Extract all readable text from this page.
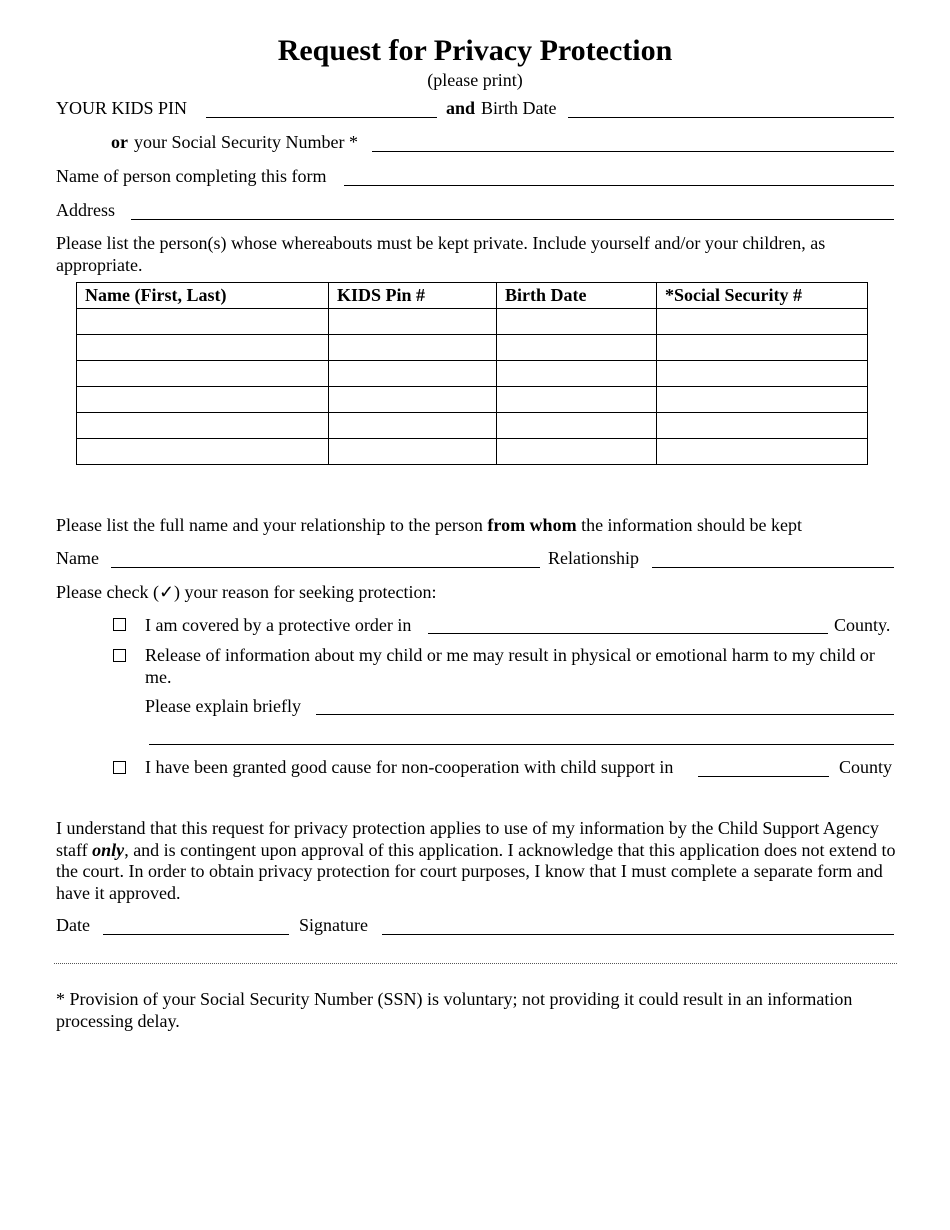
Request for Privacy Protection
(please print)
YOUR KIDS PIN	and Birth Date
or your Social Security Number *
Name of person completing this form
Address
Please list the person(s) whose whereabouts must be kept private. Include yourself and/or your children, as appropriate.
Name (First, Last)	KIDS Pin #	Birth Date	*Social Security #

Please list the full name and your relationship to the person from whom the information should be kept
Name	Relationship
Please check (✓) your reason for seeking protection:
I am covered by a protective order in	County.
Release of information about my child or me may result in physical or emotional harm to my child or me.
Please explain briefly
I have been granted good cause for non-cooperation with child support in	County
I understand that this request for privacy protection applies to use of my information by the Child Support Agency staff only, and is contingent upon approval of this application. I acknowledge that this application does not extend to the court. In order to obtain privacy protection for court purposes, I know that I must complete a separate form and have it approved.
Date	Signature
* Provision of your Social Security Number (SSN) is voluntary; not providing it could result in an information processing delay.
